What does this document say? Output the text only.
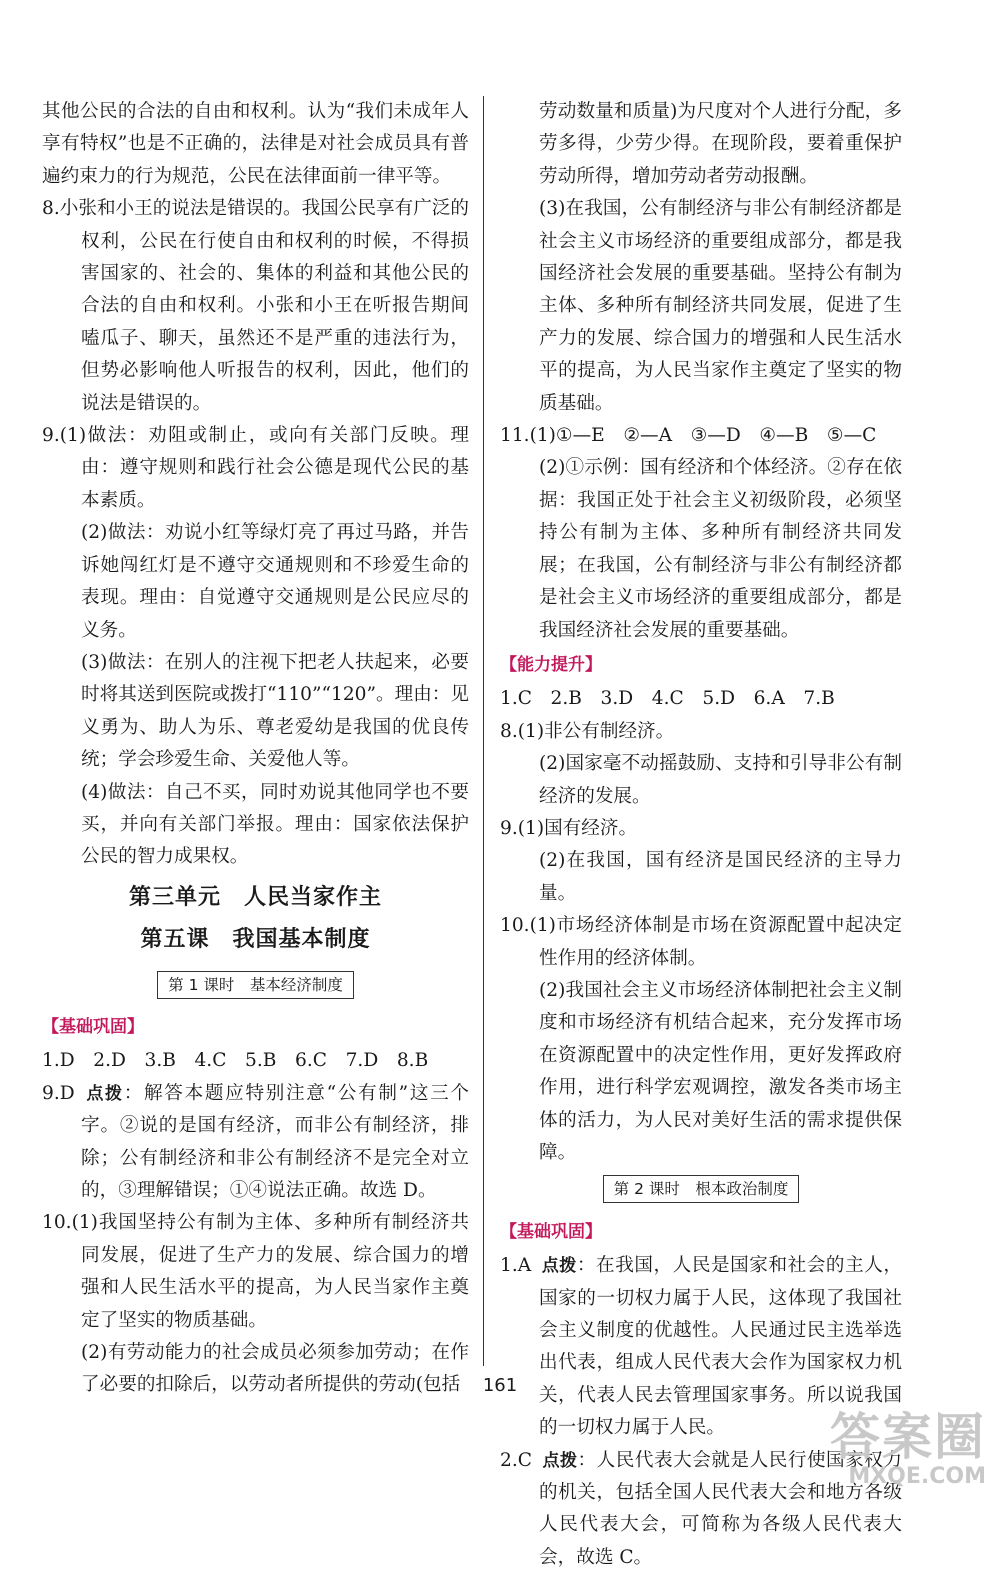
其他公民的合法的自由和权利。认为“我们未成年人享有特权”也是不正确的，法律是对社会成员具有普遍约束力的行为规范，公民在法律面前一律平等。

8.小张和小王的说法是错误的。我国公民享有广泛的权利，公民在行使自由和权利的时候，不得损害国家的、社会的、集体的利益和其他公民的合法的自由和权利。小张和小王在听报告期间嗑瓜子、聊天，虽然还不是严重的违法行为，但势必影响他人听报告的权利，因此，他们的说法是错误的。

9.(1)做法：劝阻或制止，或向有关部门反映。理由：遵守规则和践行社会公德是现代公民的基本素质。

(2)做法：劝说小红等绿灯亮了再过马路，并告诉她闯红灯是不遵守交通规则和不珍爱生命的表现。理由：自觉遵守交通规则是公民应尽的义务。

(3)做法：在别人的注视下把老人扶起来，必要时将其送到医院或拨打“110”“120”。理由：见义勇为、助人为乐、尊老爱幼是我国的优良传统；学会珍爱生命、关爱他人等。

(4)做法：自己不买，同时劝说其他同学也不要买，并向有关部门举报。理由：国家依法保护公民的智力成果权。

第三单元　人民当家作主
第五课　我国基本制度
第 1 课时　基本经济制度
【基础巩固】

1.D　2.D　3.B　4.C　5.B　6.C　7.D　8.B

9.D 点拨：解答本题应特别注意“公有制”这三个字。②说的是国有经济，而非公有制经济，排除；公有制经济和非公有制经济不是完全对立的，③理解错误；①④说法正确。故选 D。

10.(1)我国坚持公有制为主体、多种所有制经济共同发展，促进了生产力的发展、综合国力的增强和人民生活水平的提高，为人民当家作主奠定了坚实的物质基础。

(2)有劳动能力的社会成员必须参加劳动；在作了必要的扣除后，以劳动者所提供的劳动(包括

劳动数量和质量)为尺度对个人进行分配，多劳多得，少劳少得。在现阶段，要着重保护劳动所得，增加劳动者劳动报酬。

(3)在我国，公有制经济与非公有制经济都是社会主义市场经济的重要组成部分，都是我国经济社会发展的重要基础。坚持公有制为主体、多种所有制经济共同发展，促进了生产力的发展、综合国力的增强和人民生活水平的提高，为人民当家作主奠定了坚实的物质基础。

11.(1)①—E　②—A　③—D　④—B　⑤—C

(2)①示例：国有经济和个体经济。②存在依据：我国正处于社会主义初级阶段，必须坚持公有制为主体、多种所有制经济共同发展；在我国，公有制经济与非公有制经济都是社会主义市场经济的重要组成部分，都是我国经济社会发展的重要基础。

【能力提升】

1.C　2.B　3.D　4.C　5.D　6.A　7.B

8.(1)非公有制经济。

(2)国家毫不动摇鼓励、支持和引导非公有制经济的发展。

9.(1)国有经济。

(2)在我国，国有经济是国民经济的主导力量。

10.(1)市场经济体制是市场在资源配置中起决定性作用的经济体制。

(2)我国社会主义市场经济体制把社会主义制度和市场经济有机结合起来，充分发挥市场在资源配置中的决定性作用，更好发挥政府作用，进行科学宏观调控，激发各类市场主体的活力，为人民对美好生活的需求提供保障。

第 2 课时　根本政治制度
【基础巩固】

1.A 点拨：在我国，人民是国家和社会的主人，国家的一切权力属于人民，这体现了我国社会主义制度的优越性。人民通过民主选举选出代表，组成人民代表大会作为国家权力机关，代表人民去管理国家事务。所以说我国的一切权力属于人民。

2.C 点拨：人民代表大会就是人民行使国家权力的机关，包括全国人民代表大会和地方各级人民代表大会，可简称为各级人民代表大会，故选 C。

161
答案圈
MXQE.COM
